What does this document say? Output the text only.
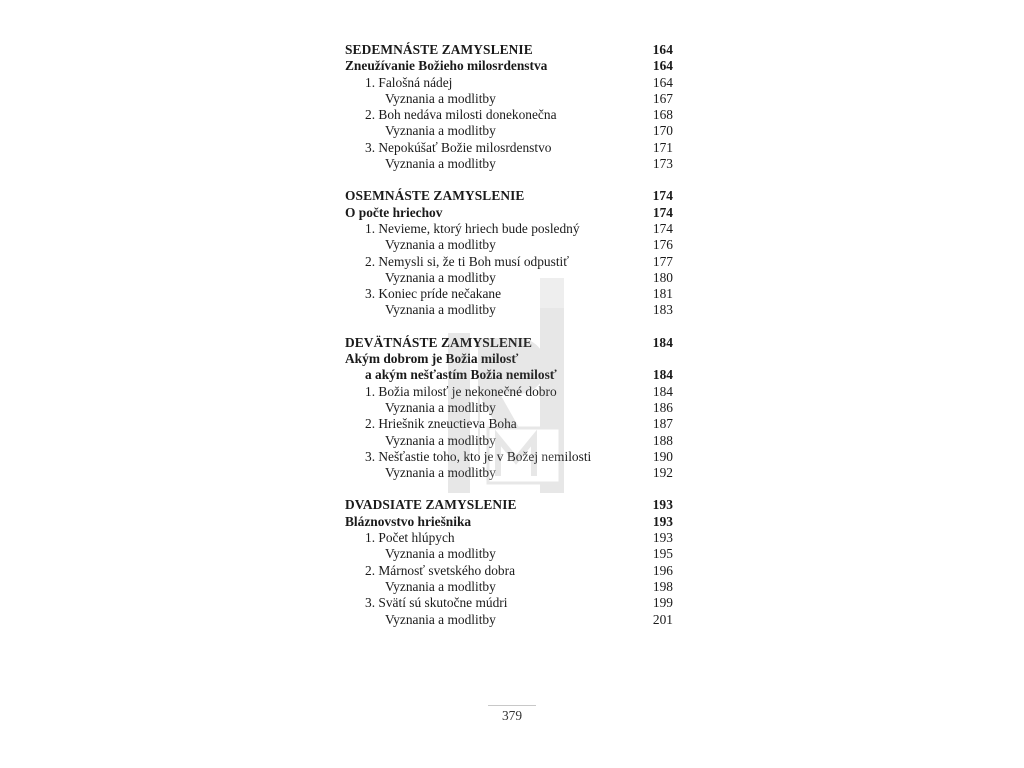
SEDEMNÁSTE ZAMYSLENIE	164
Zneužívanie Božieho milosrdenstva	164
1. Falošná nádej	164
Vyznania a modlitby	167
2. Boh nedáva milosti donekonečna	168
Vyznania a modlitby	170
3. Nepokúšať Božie milosrdenstvo	171
Vyznania a modlitby	173
OSEMNÁSTE ZAMYSLENIE	174
O počte hriechov	174
1. Nevieme, ktorý hriech bude posledný	174
Vyznania a modlitby	176
2. Nemysli si, že ti Boh musí odpustiť	177
Vyznania a modlitby	180
3. Koniec príde nečakane	181
Vyznania a modlitby	183
DEVÄTNÁSTE ZAMYSLENIE	184
Akým dobrom je Božia milosť
a akým nešťastím Božia nemilosť	184
1. Božia milosť je nekonečné dobro	184
Vyznania a modlitby	186
2. Hriešnik zneuctieva Boha	187
Vyznania a modlitby	188
3. Nešťastie toho, kto je v Božej nemilosti	190
Vyznania a modlitby	192
DVADSIATE ZAMYSLENIE	193
Bláznovstvo hriešnika	193
1. Počet hlúpych	193
Vyznania a modlitby	195
2. Márnosť svetského dobra	196
Vyznania a modlitby	198
3. Svätí sú skutočne múdri	199
Vyznania a modlitby	201
379
